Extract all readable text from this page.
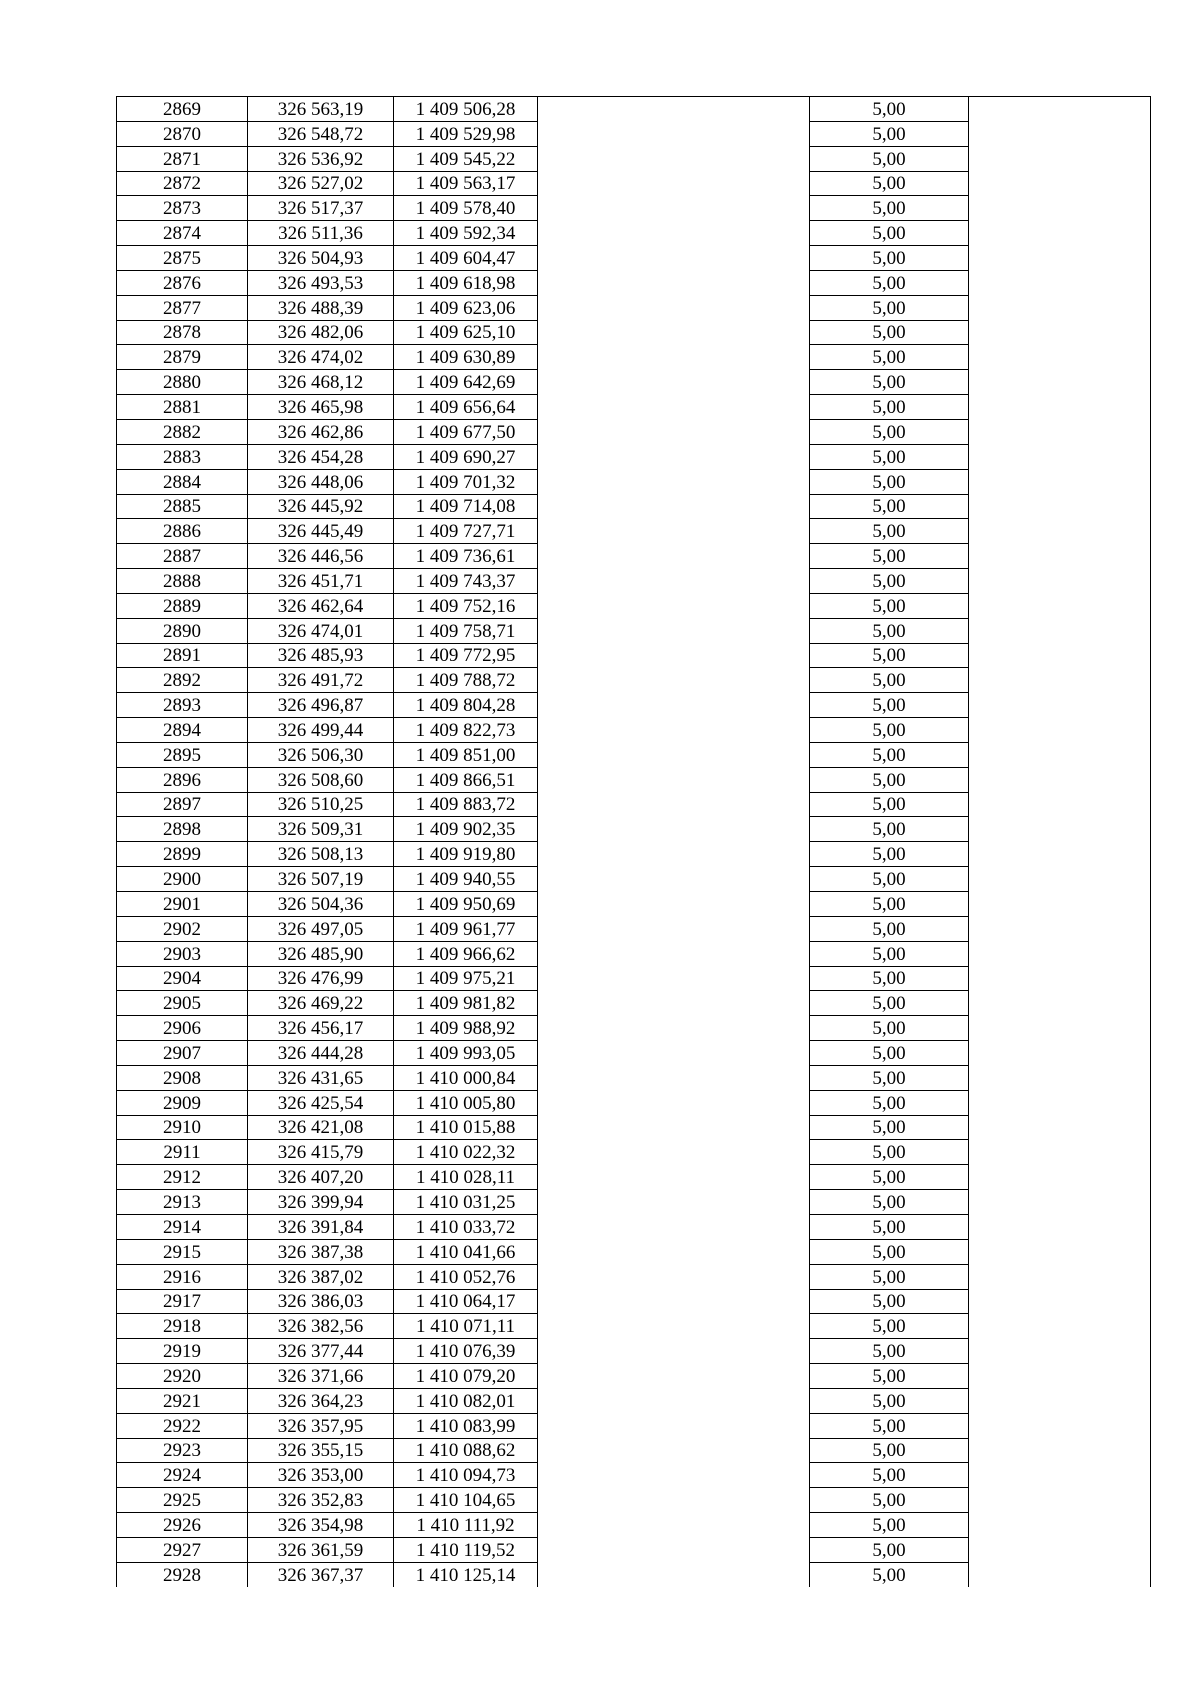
2869	326 563,19	1 409 506,28		5,00	
2870	326 548,72	1 409 529,98		5,00	
2871	326 536,92	1 409 545,22		5,00	
2872	326 527,02	1 409 563,17		5,00	
2873	326 517,37	1 409 578,40		5,00	
2874	326 511,36	1 409 592,34		5,00	
2875	326 504,93	1 409 604,47		5,00	
2876	326 493,53	1 409 618,98		5,00	
2877	326 488,39	1 409 623,06		5,00	
2878	326 482,06	1 409 625,10		5,00	
2879	326 474,02	1 409 630,89		5,00	
2880	326 468,12	1 409 642,69		5,00	
2881	326 465,98	1 409 656,64		5,00	
2882	326 462,86	1 409 677,50		5,00	
2883	326 454,28	1 409 690,27		5,00	
2884	326 448,06	1 409 701,32		5,00	
2885	326 445,92	1 409 714,08		5,00	
2886	326 445,49	1 409 727,71		5,00	
2887	326 446,56	1 409 736,61		5,00	
2888	326 451,71	1 409 743,37		5,00	
2889	326 462,64	1 409 752,16		5,00	
2890	326 474,01	1 409 758,71		5,00	
2891	326 485,93	1 409 772,95		5,00	
2892	326 491,72	1 409 788,72		5,00	
2893	326 496,87	1 409 804,28		5,00	
2894	326 499,44	1 409 822,73		5,00	
2895	326 506,30	1 409 851,00		5,00	
2896	326 508,60	1 409 866,51		5,00	
2897	326 510,25	1 409 883,72		5,00	
2898	326 509,31	1 409 902,35		5,00	
2899	326 508,13	1 409 919,80		5,00	
2900	326 507,19	1 409 940,55		5,00	
2901	326 504,36	1 409 950,69		5,00	
2902	326 497,05	1 409 961,77		5,00	
2903	326 485,90	1 409 966,62		5,00	
2904	326 476,99	1 409 975,21		5,00	
2905	326 469,22	1 409 981,82		5,00	
2906	326 456,17	1 409 988,92		5,00	
2907	326 444,28	1 409 993,05		5,00	
2908	326 431,65	1 410 000,84		5,00	
2909	326 425,54	1 410 005,80		5,00	
2910	326 421,08	1 410 015,88		5,00	
2911	326 415,79	1 410 022,32		5,00	
2912	326 407,20	1 410 028,11		5,00	
2913	326 399,94	1 410 031,25		5,00	
2914	326 391,84	1 410 033,72		5,00	
2915	326 387,38	1 410 041,66		5,00	
2916	326 387,02	1 410 052,76		5,00	
2917	326 386,03	1 410 064,17		5,00	
2918	326 382,56	1 410 071,11		5,00	
2919	326 377,44	1 410 076,39		5,00	
2920	326 371,66	1 410 079,20		5,00	
2921	326 364,23	1 410 082,01		5,00	
2922	326 357,95	1 410 083,99		5,00	
2923	326 355,15	1 410 088,62		5,00	
2924	326 353,00	1 410 094,73		5,00	
2925	326 352,83	1 410 104,65		5,00	
2926	326 354,98	1 410 111,92		5,00	
2927	326 361,59	1 410 119,52		5,00	
2928	326 367,37	1 410 125,14		5,00	
